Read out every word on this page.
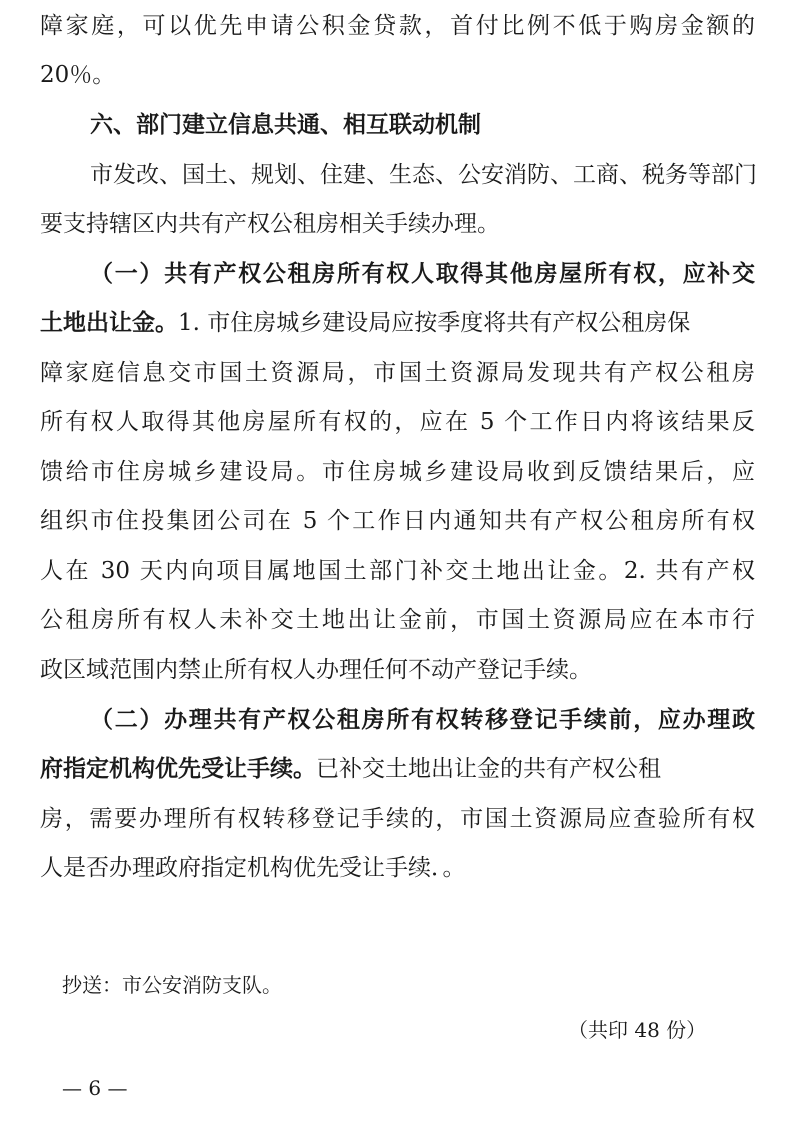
障家庭，可以优先申请公积金贷款，首付比例不低于购房金额的
20％。
六、部门建立信息共通、相互联动机制
市发改、国土、规划、住建、生态、公安消防、工商、税务等部门
要支持辖区内共有产权公租房相关手续办理。
（一）共有产权公租房所有权人取得其他房屋所有权，应补交
土地出让金。1. 市住房城乡建设局应按季度将共有产权公租房保
障家庭信息交市国土资源局，市国土资源局发现共有产权公租房
所有权人取得其他房屋所有权的，应在 5 个工作日内将该结果反
馈给市住房城乡建设局。市住房城乡建设局收到反馈结果后，应
组织市住投集团公司在 5 个工作日内通知共有产权公租房所有权
人在 30 天内向项目属地国土部门补交土地出让金。2. 共有产权
公租房所有权人未补交土地出让金前，市国土资源局应在本市行
政区域范围内禁止所有权人办理任何不动产登记手续。
（二）办理共有产权公租房所有权转移登记手续前，应办理政
府指定机构优先受让手续。已补交土地出让金的共有产权公租
房，需要办理所有权转移登记手续的，市国土资源局应查验所有权
人是否办理政府指定机构优先受让手续．。
抄送：市公安消防支队。
（共印 48 份）
— 6 —
